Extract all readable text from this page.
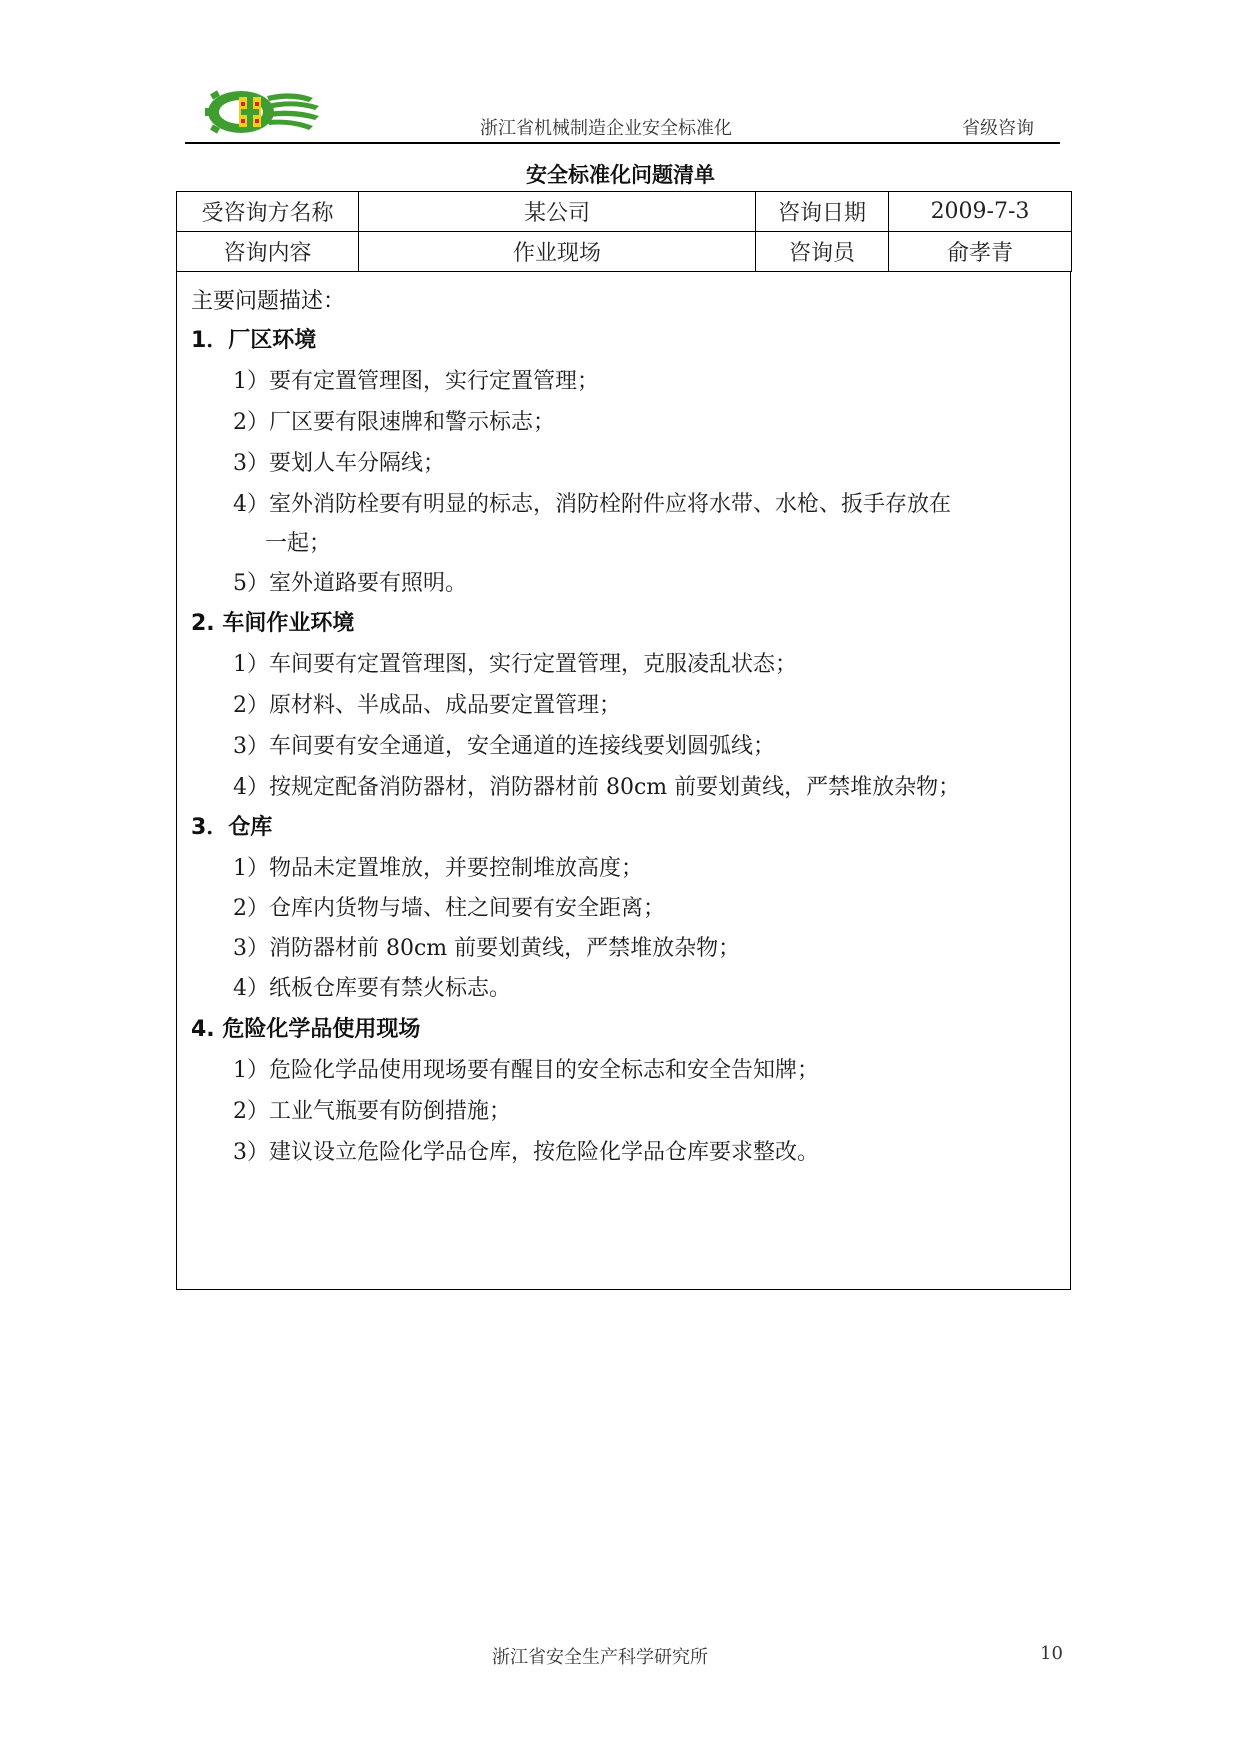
浙江省机械制造企业安全标准化	省级咨询
安全标准化问题清单
受咨询方名称	某公司	咨询日期	2009-7-3
咨询内容	作业现场	咨询员	俞孝青
主要问题描述：
1．厂区环境
1）要有定置管理图，实行定置管理；
2）厂区要有限速牌和警示标志；
3）要划人车分隔线；
4）室外消防栓要有明显的标志，消防栓附件应将水带、水枪、扳手存放在
一起；
5）室外道路要有照明。
2. 车间作业环境
1）车间要有定置管理图，实行定置管理，克服凌乱状态；
2）原材料、半成品、成品要定置管理；
3）车间要有安全通道，安全通道的连接线要划圆弧线；
4）按规定配备消防器材，消防器材前 80cm 前要划黄线，严禁堆放杂物；
3．仓库
1）物品未定置堆放，并要控制堆放高度；
2）仓库内货物与墙、柱之间要有安全距离；
3）消防器材前 80cm 前要划黄线，严禁堆放杂物；
4）纸板仓库要有禁火标志。
4. 危险化学品使用现场
1）危险化学品使用现场要有醒目的安全标志和安全告知牌；
2）工业气瓶要有防倒措施；
3）建议设立危险化学品仓库，按危险化学品仓库要求整改。
浙江省安全生产科学研究所	10
